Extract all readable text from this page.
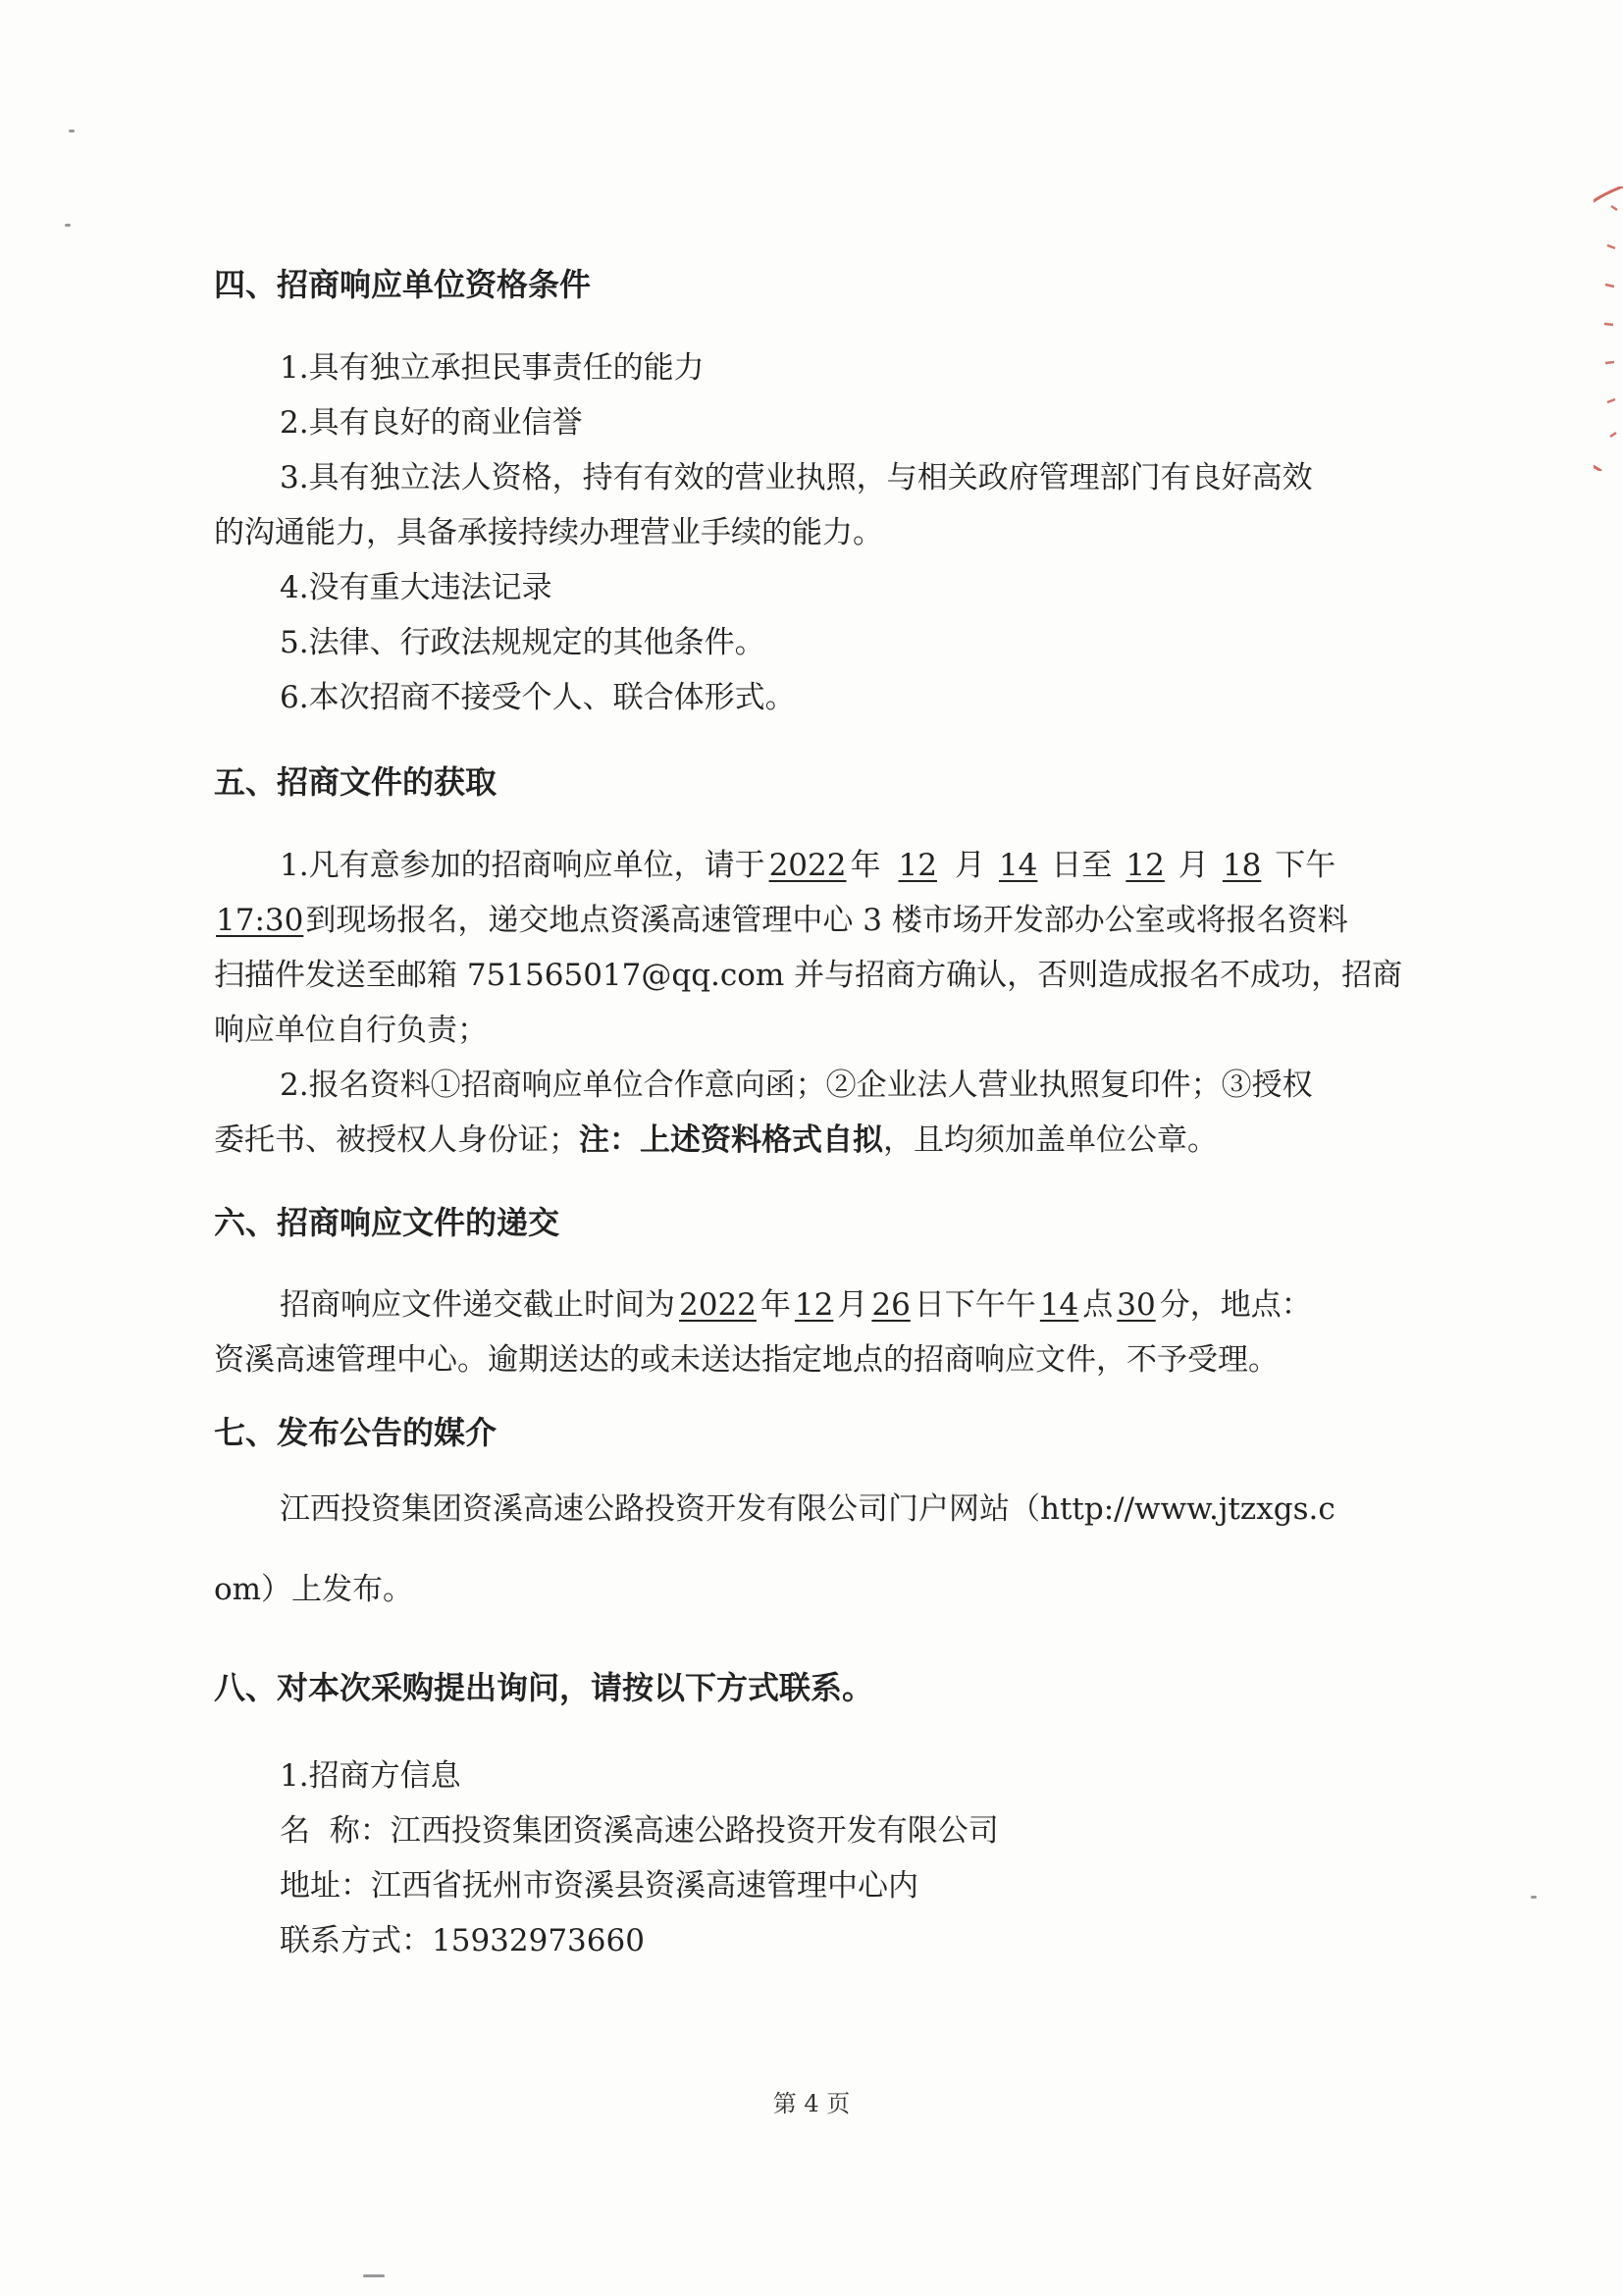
四、招商响应单位资格条件
1.具有独立承担民事责任的能力
2.具有良好的商业信誉
3.具有独立法人资格，持有有效的营业执照，与相关政府管理部门有良好高效
的沟通能力，具备承接持续办理营业手续的能力。
4.没有重大违法记录
5.法律、行政法规规定的其他条件。
6.本次招商不接受个人、联合体形式。
五、招商文件的获取
1.凡有意参加的招商响应单位，请于 2022 年 12 月 14 日至 12 月 18 下午
17:30到现场报名，递交地点资溪高速管理中心 3 楼市场开发部办公室或将报名资料
扫描件发送至邮箱 751565017@qq.com 并与招商方确认，否则造成报名不成功，招商
响应单位自行负责；
2.报名资料①招商响应单位合作意向函；②企业法人营业执照复印件；③授权
委托书、被授权人身份证；注：上述资料格式自拟，且均须加盖单位公章。
六、招商响应文件的递交
招商响应文件递交截止时间为 2022 年 12 月 26 日下午午 14 点 30 分，地点：
资溪高速管理中心。逾期送达的或未送达指定地点的招商响应文件，不予受理。
七、发布公告的媒介
江西投资集团资溪高速公路投资开发有限公司门户网站（http://www.jtzxgs.c
om）上发布。
八、对本次采购提出询问，请按以下方式联系。
1.招商方信息
名  称：江西投资集团资溪高速公路投资开发有限公司
地址：江西省抚州市资溪县资溪高速管理中心内
联系方式：15932973660
第 4 页
